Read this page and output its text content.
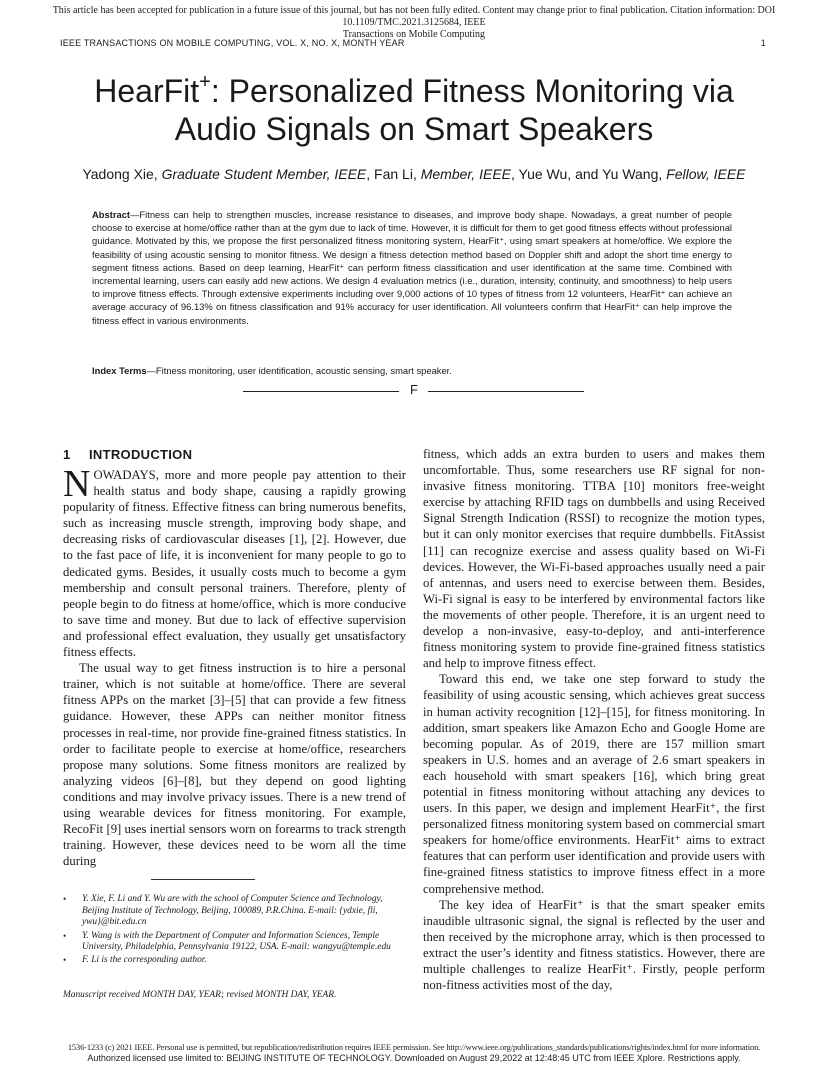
This article has been accepted for publication in a future issue of this journal, but has not been fully edited. Content may change prior to final publication. Citation information: DOI 10.1109/TMC.2021.3125684, IEEE
Transactions on Mobile Computing
IEEE TRANSACTIONS ON MOBILE COMPUTING, VOL. X, NO. X, MONTH YEAR	1
HearFit+: Personalized Fitness Monitoring via
Audio Signals on Smart Speakers
Yadong Xie, Graduate Student Member, IEEE, Fan Li, Member, IEEE, Yue Wu, and Yu Wang, Fellow, IEEE
Abstract—Fitness can help to strengthen muscles, increase resistance to diseases, and improve body shape. Nowadays, a great number of people choose to exercise at home/office rather than at the gym due to lack of time. However, it is difficult for them to get good fitness effects without professional guidance. Motivated by this, we propose the first personalized fitness monitoring system, HearFit⁺, using smart speakers at home/office. We explore the feasibility of using acoustic sensing to monitor fitness. We design a fitness detection method based on Doppler shift and adopt the short time energy to segment fitness actions. Based on deep learning, HearFit⁺ can perform fitness classification and user identification at the same time. Combined with incremental learning, users can easily add new actions. We design 4 evaluation metrics (i.e., duration, intensity, continuity, and smoothness) to help users to improve fitness effects. Through extensive experiments including over 9,000 actions of 10 types of fitness from 12 volunteers, HearFit⁺ can achieve an average accuracy of 96.13% on fitness classification and 91% accuracy for user identification. All volunteers confirm that HearFit⁺ can help improve the fitness effect in various environments.
Index Terms—Fitness monitoring, user identification, acoustic sensing, smart speaker.
F
1 INTRODUCTION

NOWADAYS, more and more people pay attention to their health status and body shape, causing a rapidly growing popularity of fitness. Effective fitness can bring numerous benefits, such as increasing muscle strength, improving body shape, and decreasing risks of cardiovascular diseases [1], [2]. However, due to the fast pace of life, it is inconvenient for many people to go to dedicated gyms. Besides, it usually costs much to become a gym membership and consult personal trainers. Therefore, plenty of people begin to do fitness at home/office, which is more conducive to save time and money. But due to lack of effective supervision and professional effect evaluation, they usually get unsatisfactory fitness effects.

The usual way to get fitness instruction is to hire a personal trainer, which is not suitable at home/office. There are several fitness APPs on the market [3]–[5] that can provide a few fitness guidance. However, these APPs can neither monitor fitness processes in real-time, nor provide fine-grained fitness statistics. In order to facilitate people to exercise at home/office, researchers propose many solutions. Some fitness monitors are realized by analyzing videos [6]–[8], but they depend on good lighting conditions and may involve privacy issues. There is a new trend of using wearable devices for fitness monitoring. For example, RecoFit [9] uses inertial sensors worn on forearms to track strength training. However, these devices need to be worn all the time during

• Y. Xie, F. Li and Y. Wu are with the school of Computer Science and Technology, Beijing Institute of Technology, Beijing, 100089, P.R.China. E-mail: {ydxie, fli, ywu}@bit.edu.cn
• Y. Wang is with the Department of Computer and Information Sciences, Temple University, Philadelphia, Pennsylvania 19122, USA. E-mail: wangyu@temple.edu
• F. Li is the corresponding author.
Manuscript received MONTH DAY, YEAR; revised MONTH DAY, YEAR.

fitness, which adds an extra burden to users and makes them uncomfortable. Thus, some researchers use RF signal for non-invasive fitness monitoring. TTBA [10] monitors free-weight exercise by attaching RFID tags on dumbbells and using Received Signal Strength Indication (RSSI) to recognize the motion types, but it can only monitor exercises that require dumbbells. FitAssist [11] can recognize exercise and assess quality based on Wi-Fi devices. However, the Wi-Fi-based approaches usually need a pair of antennas, and users need to exercise between them. Besides, Wi-Fi signal is easy to be interfered by environmental factors like the movements of other people. Therefore, it is an urgent need to develop a non-invasive, easy-to-deploy, and anti-interference fitness monitoring system to provide fine-grained fitness statistics and help to improve fitness effect.

Toward this end, we take one step forward to study the feasibility of using acoustic sensing, which achieves great success in human activity recognition [12]–[15], for fitness monitoring. In addition, smart speakers like Amazon Echo and Google Home are becoming popular. As of 2019, there are 157 million smart speakers in U.S. homes and an average of 2.6 smart speakers in each household with smart speakers [16], which bring great potential in fitness monitoring without attaching any devices to users. In this paper, we design and implement HearFit⁺, the first personalized fitness monitoring system based on commercial smart speakers for home/office environments. HearFit⁺ aims to extract features that can perform user identification and provide users with fine-grained fitness statistics to improve fitness effect in a more comprehensive method.

The key idea of HearFit⁺ is that the smart speaker emits inaudible ultrasonic signal, the signal is reflected by the user and then received by the microphone array, which is then processed to extract the user’s identity and fitness statistics. However, there are multiple challenges to realize HearFit⁺. Firstly, people perform non-fitness activities most of the day,

1536-1233 (c) 2021 IEEE. Personal use is permitted, but republication/redistribution requires IEEE permission. See http://www.ieee.org/publications_standards/publications/rights/index.html for more information.
Authorized licensed use limited to: BEIJING INSTITUTE OF TECHNOLOGY. Downloaded on August 29,2022 at 12:48:45 UTC from IEEE Xplore. Restrictions apply.
